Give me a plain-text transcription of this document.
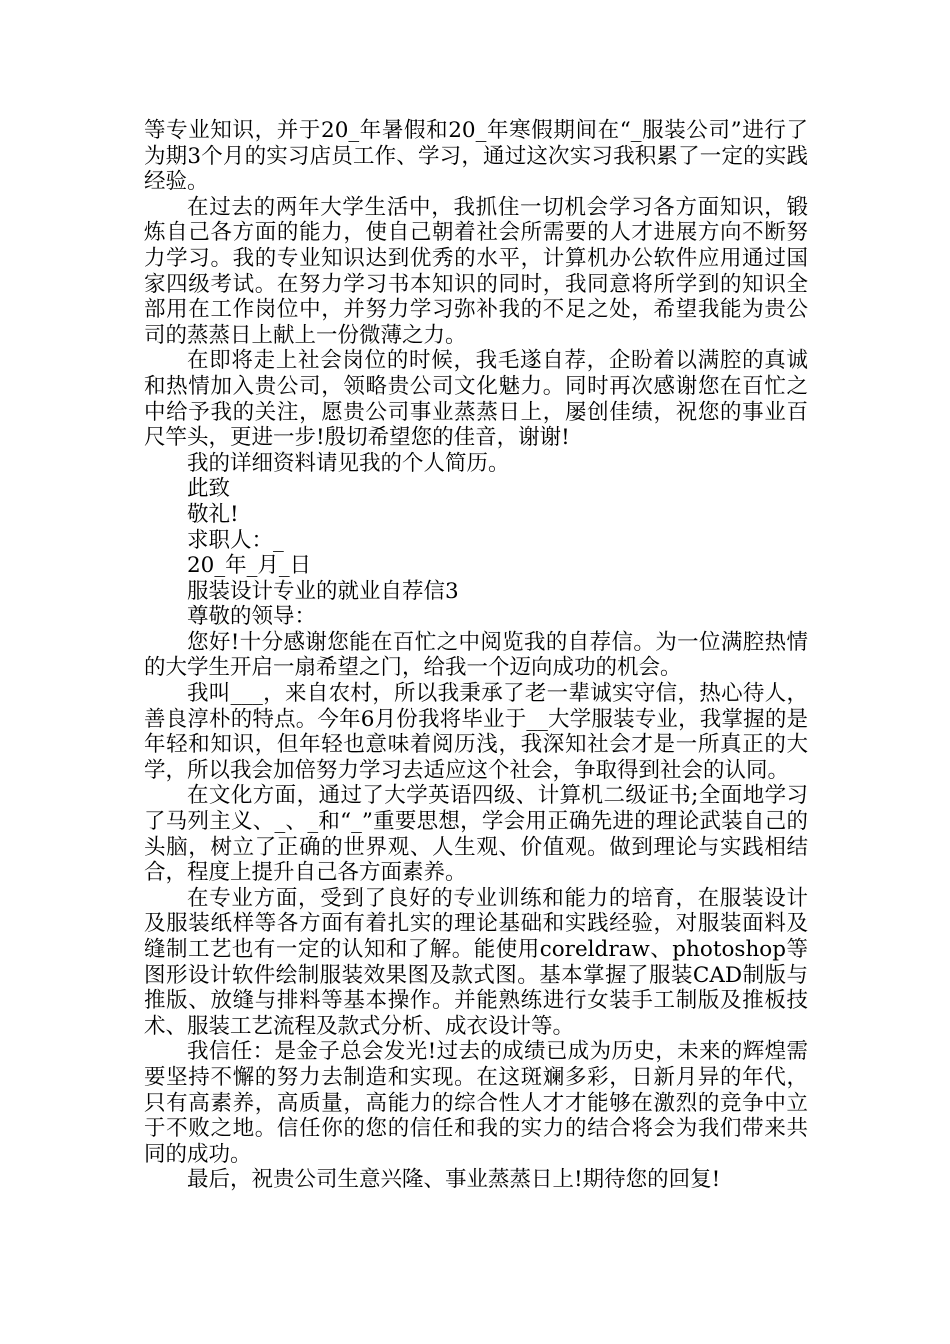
等专业知识，并于20_年暑假和20_年寒假期间在“_服装公司”进行了为期3个月的实习店员工作、学习，通过这次实习我积累了一定的实践经验。

在过去的两年大学生活中，我抓住一切机会学习各方面知识，锻炼自己各方面的能力，使自己朝着社会所需要的人才进展方向不断努力学习。我的专业知识达到优秀的水平，计算机办公软件应用通过国家四级考试。在努力学习书本知识的同时，我同意将所学到的知识全部用在工作岗位中，并努力学习弥补我的不足之处，希望我能为贵公司的蒸蒸日上献上一份微薄之力。

在即将走上社会岗位的时候，我毛遂自荐，企盼着以满腔的真诚和热情加入贵公司，领略贵公司文化魅力。同时再次感谢您在百忙之中给予我的关注，愿贵公司事业蒸蒸日上，屡创佳绩，祝您的事业百尺竿头，更进一步!殷切希望您的佳音，谢谢!

我的详细资料请见我的个人简历。

此致

敬礼!

求职人：_

20_年_月_日

服装设计专业的就业自荐信3

尊敬的领导：

您好!十分感谢您能在百忙之中阅览我的自荐信。为一位满腔热情的大学生开启一扇希望之门，给我一个迈向成功的机会。

我叫___，来自农村，所以我秉承了老一辈诚实守信，热心待人，善良淳朴的特点。今年6月份我将毕业于__大学服装专业，我掌握的是年轻和知识，但年轻也意味着阅历浅，我深知社会才是一所真正的大学，所以我会加倍努力学习去适应这个社会，争取得到社会的认同。

在文化方面，通过了大学英语四级、计算机二级证书;全面地学习了马列主义、_、_和“_”重要思想，学会用正确先进的理论武装自己的头脑，树立了正确的世界观、人生观、价值观。做到理论与实践相结合，程度上提升自己各方面素养。

在专业方面，受到了良好的专业训练和能力的培育，在服装设计及服装纸样等各方面有着扎实的理论基础和实践经验，对服装面料及缝制工艺也有一定的认知和了解。能使用coreldraw、photoshop等图形设计软件绘制服装效果图及款式图。基本掌握了服装CAD制版与推版、放缝与排料等基本操作。并能熟练进行女装手工制版及推板技术、服装工艺流程及款式分析、成衣设计等。

我信任：是金子总会发光!过去的成绩已成为历史，未来的辉煌需要坚持不懈的努力去制造和实现。在这斑斓多彩，日新月异的年代，只有高素养，高质量，高能力的综合性人才才能够在激烈的竞争中立于不败之地。信任你的您的信任和我的实力的结合将会为我们带来共同的成功。

最后，祝贵公司生意兴隆、事业蒸蒸日上!期待您的回复!
